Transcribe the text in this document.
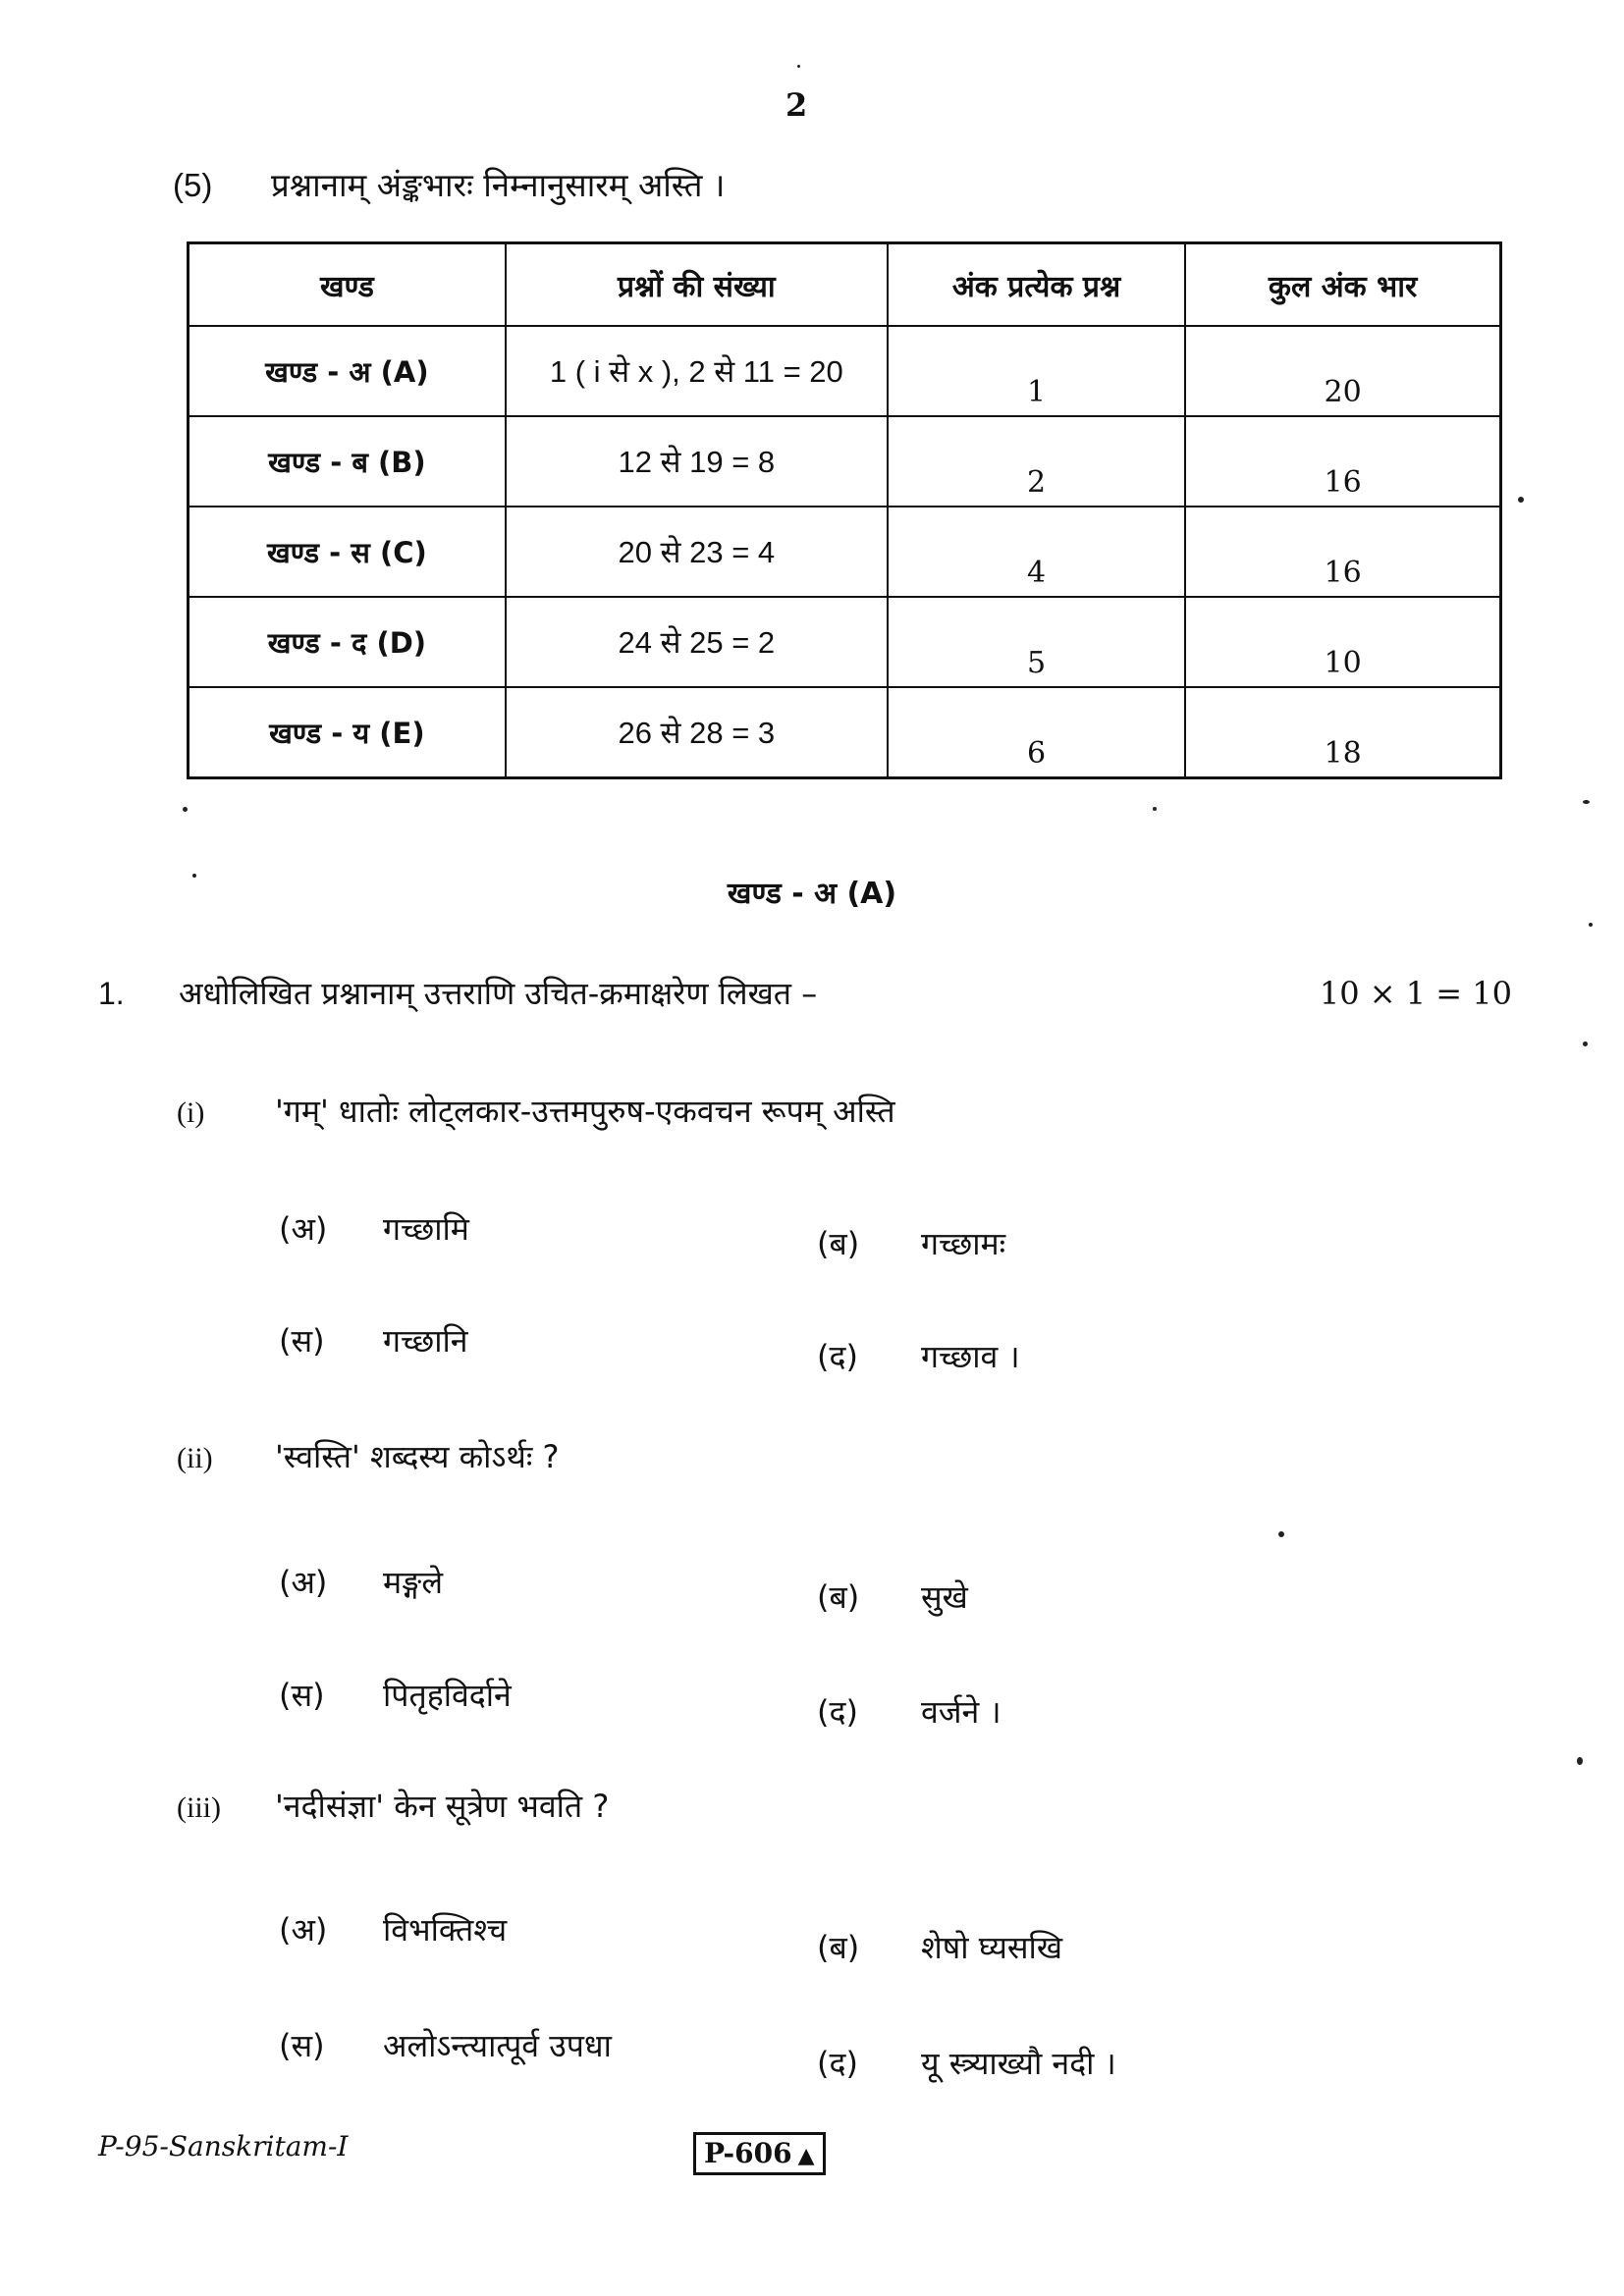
2
(5)	प्रश्नानाम् अंङ्कभारः निम्नानुसारम् अस्ति ।
खण्ड	प्रश्नों की संख्या	अंक प्रत्येक प्रश्न	कुल अंक भार
खण्ड - अ (A)	1 ( i से x ), 2 से 11 = 20	1	20
खण्ड - ब (B)	12 से 19 = 8	2	16
खण्ड - स (C)	20 से 23 = 4	4	16
खण्ड - द (D)	24 से 25 = 2	5	10
खण्ड - य (E)	26 से 28 = 3	6	18
खण्ड - अ (A)
1.	अधोलिखित प्रश्नानाम् उत्तराणि उचित-क्रमाक्षरेण लिखत –	10 × 1 = 10
(i)	'गम्' धातोः लोट्लकार-उत्तमपुरुष-एकवचन रूपम् अस्ति
(अ)	गच्छामि	(ब)	गच्छामः
(स)	गच्छानि	(द)	गच्छाव ।
(ii)	'स्वस्ति' शब्दस्य कोऽर्थः ?
(अ)	मङ्गले	(ब)	सुखे
(स)	पितृहविर्दाने	(द)	वर्जने ।
(iii)	'नदीसंज्ञा' केन सूत्रेण भवति ?
(अ)	विभक्तिश्च	(ब)	शेषो घ्यसखि
(स)	अलोऽन्त्यात्पूर्व उपधा	(द)	यू स्त्र्याख्यौ नदी ।
P-95-Sanskritam-I	P-606 ▲
